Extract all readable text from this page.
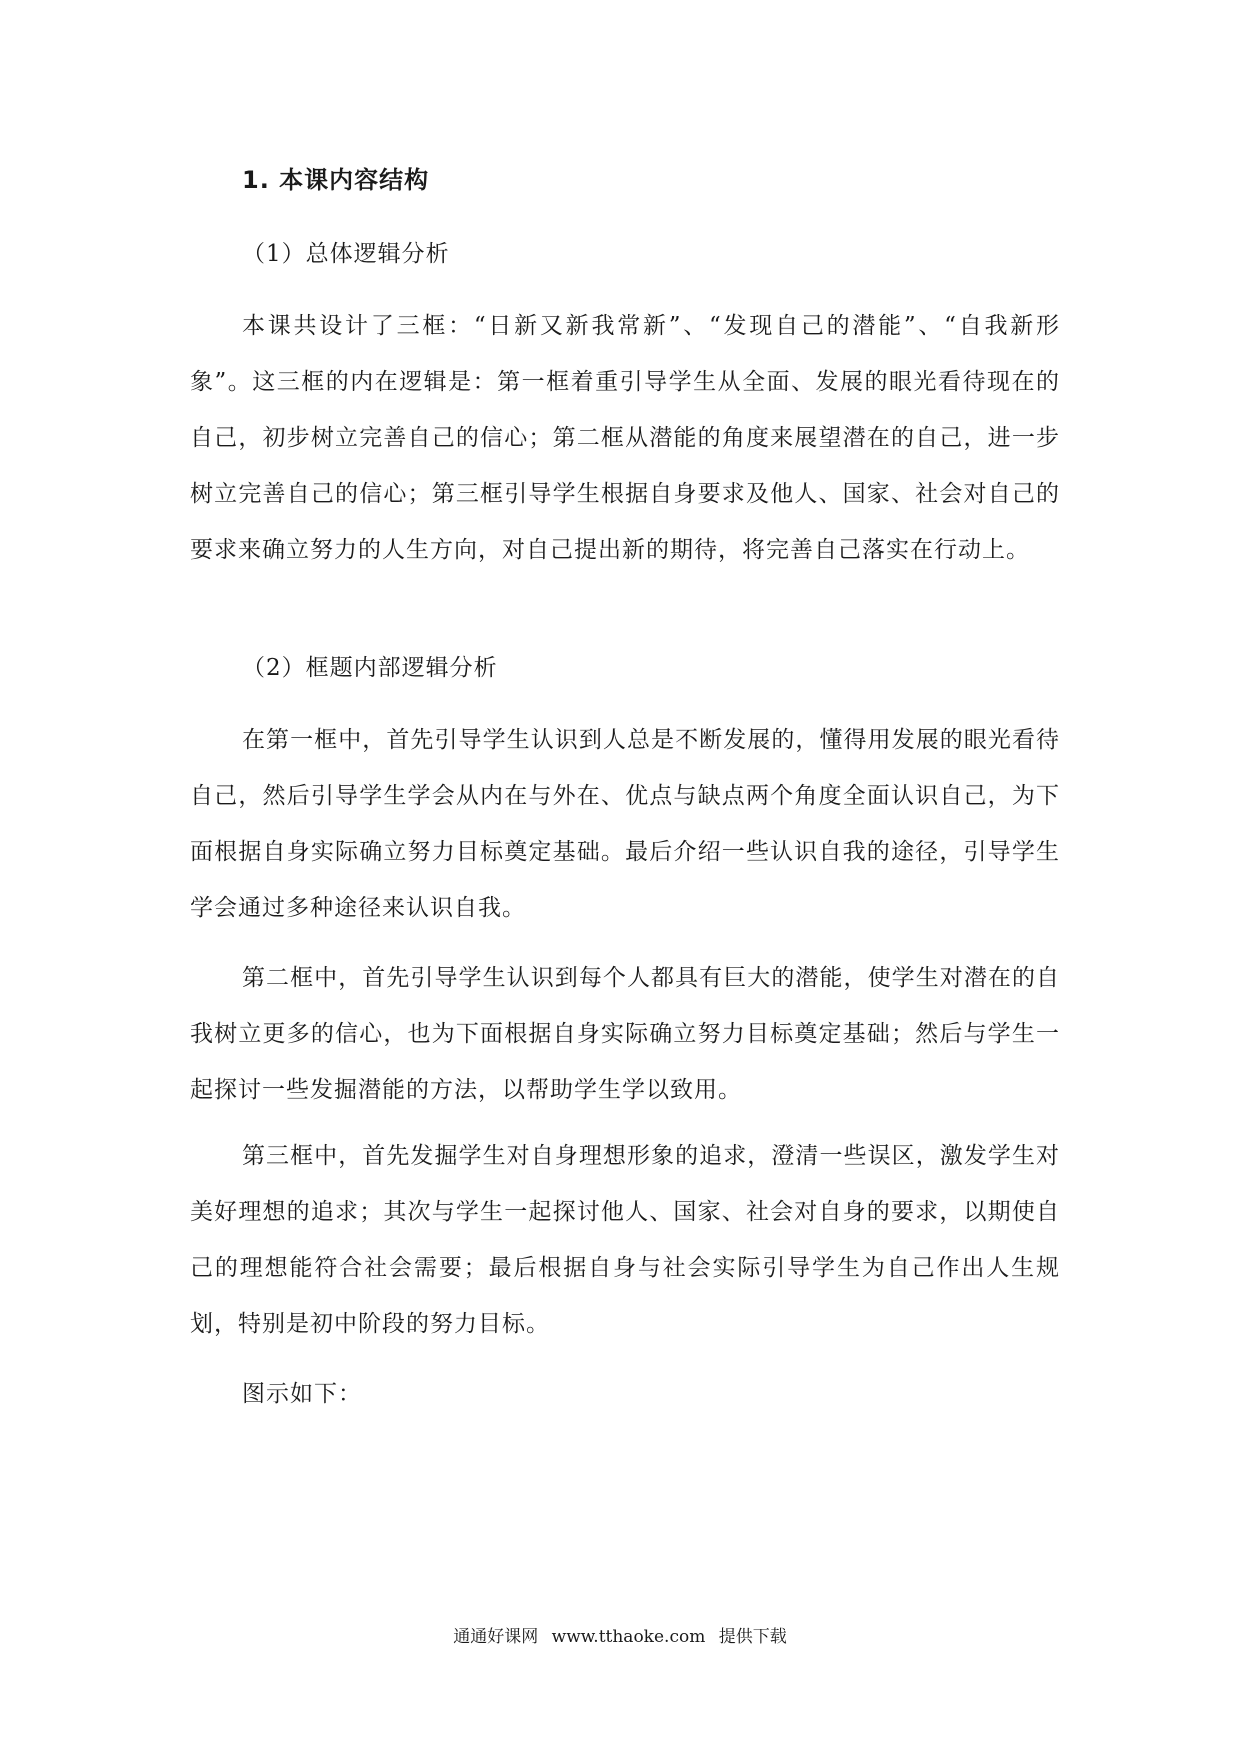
1. 本课内容结构
（1）总体逻辑分析

本课共设计了三框：“日新又新我常新”、“发现自己的潜能”、“自我新形象”。这三框的内在逻辑是：第一框着重引导学生从全面、发展的眼光看待现在的自己，初步树立完善自己的信心；第二框从潜能的角度来展望潜在的自己，进一步树立完善自己的信心；第三框引导学生根据自身要求及他人、国家、社会对自己的要求来确立努力的人生方向，对自己提出新的期待，将完善自己落实在行动上。

（2）框题内部逻辑分析

在第一框中，首先引导学生认识到人总是不断发展的，懂得用发展的眼光看待自己，然后引导学生学会从内在与外在、优点与缺点两个角度全面认识自己，为下面根据自身实际确立努力目标奠定基础。最后介绍一些认识自我的途径，引导学生学会通过多种途径来认识自我。

第二框中，首先引导学生认识到每个人都具有巨大的潜能，使学生对潜在的自我树立更多的信心，也为下面根据自身实际确立努力目标奠定基础；然后与学生一起探讨一些发掘潜能的方法，以帮助学生学以致用。

第三框中，首先发掘学生对自身理想形象的追求，澄清一些误区，激发学生对美好理想的追求；其次与学生一起探讨他人、国家、社会对自身的要求，以期使自己的理想能符合社会需要；最后根据自身与社会实际引导学生为自己作出人生规划，特别是初中阶段的努力目标。

图示如下：

通通好课网 www.tthaoke.com 提供下载
